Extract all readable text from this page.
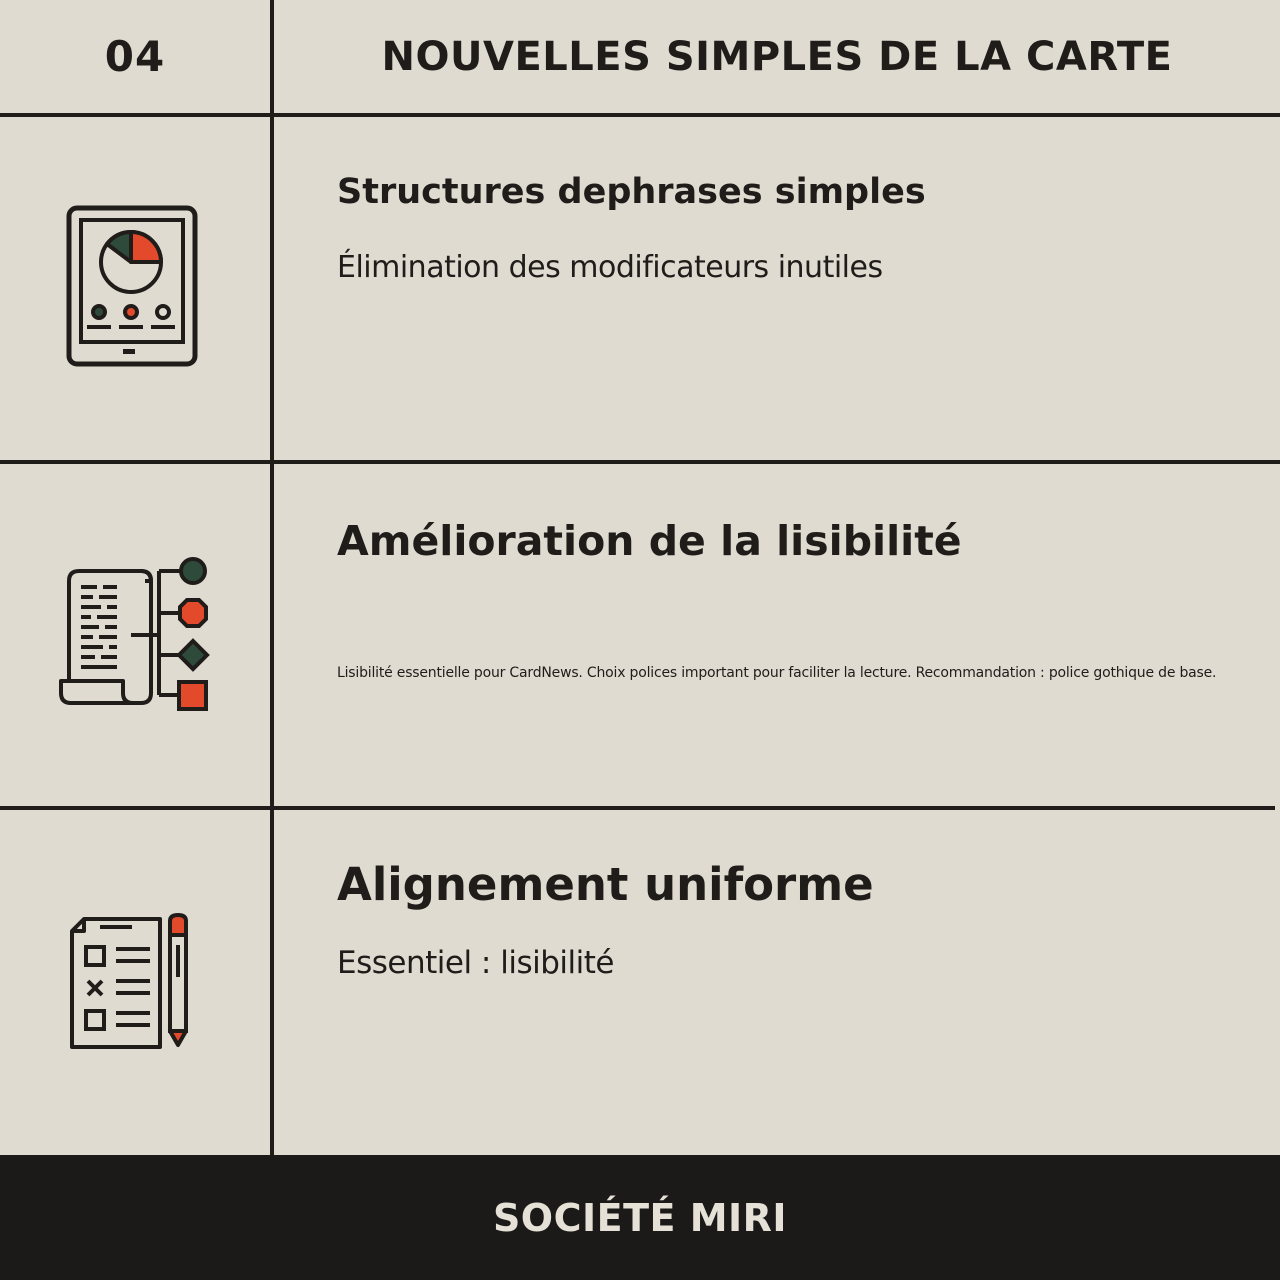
04	NOUVELLES SIMPLES DE LA CARTE
Structures dephrases simples
Élimination des modificateurs inutiles
Amélioration de la lisibilité
Lisibilité essentielle pour CardNews. Choix polices important pour faciliter la lecture. Recommandation : police gothique de base.
Alignement uniforme
Essentiel : lisibilité
SOCIÉTÉ MIRI
